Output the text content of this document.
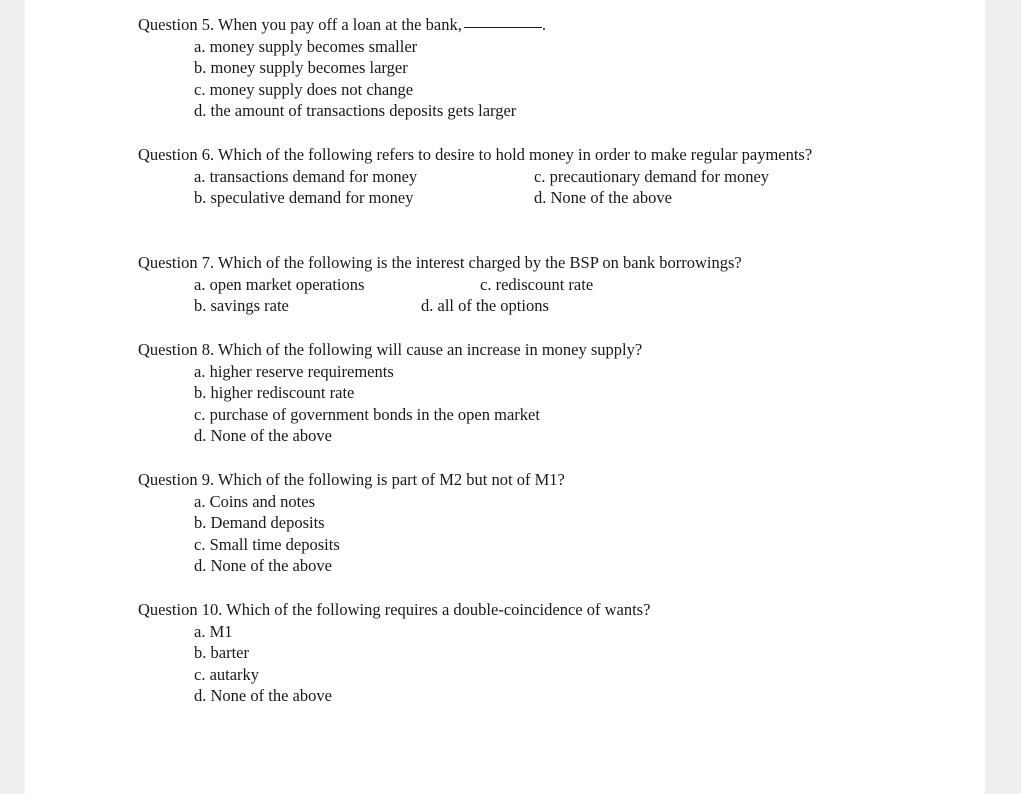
Question 5. When you pay off a loan at the bank,	.
a. money supply becomes smaller
b. money supply becomes larger
c. money supply does not change
d. the amount of transactions deposits gets larger
Question 6. Which of the following refers to desire to hold money in order to make regular payments?
a. transactions demand for money	c. precautionary demand for money
b. speculative demand for money	d. None of the above
Question 7. Which of the following is the interest charged by the BSP on bank borrowings?
a. open market operations	c. rediscount rate
b. savings rate	d. all of the options
Question 8. Which of the following will cause an increase in money supply?
a. higher reserve requirements
b. higher rediscount rate
c. purchase of government bonds in the open market
d. None of the above
Question 9. Which of the following is part of M2 but not of M1?
a. Coins and notes
b. Demand deposits
c. Small time deposits
d. None of the above
Question 10. Which of the following requires a double-coincidence of wants?
a. M1
b. barter
c. autarky
d. None of the above
